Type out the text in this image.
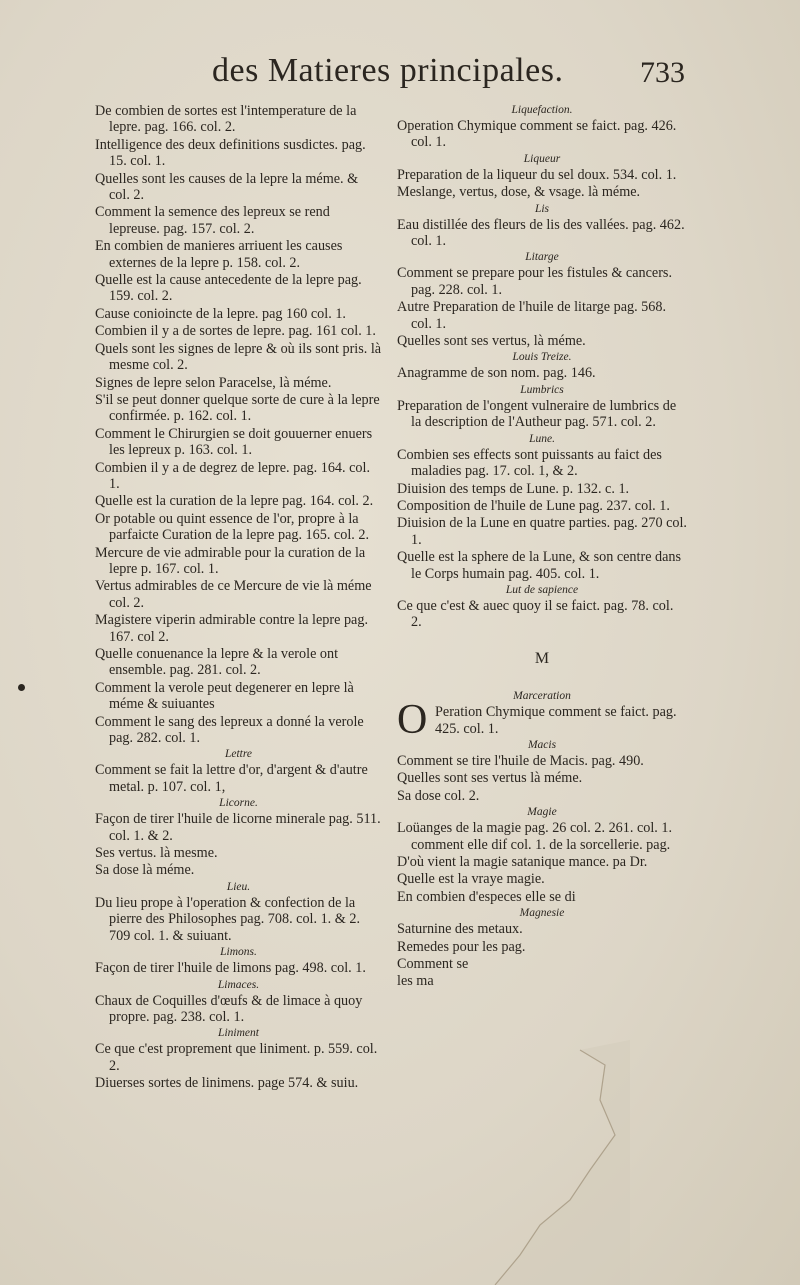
des Matieres principales.	733
De combien de sortes est l'intemperature de la lepre. pag. 166. col. 2.
Intelligence des deux definitions susdictes. pag. 15. col. 1.
Quelles sont les causes de la lepre la méme. & col. 2.
Comment la semence des lepreux se rend lepreuse. pag. 157. col. 2.
En combien de manieres arriuent les causes externes de la lepre p. 158. col. 2.
Quelle est la cause antecedente de la lepre pag. 159. col. 2.
Cause conioincte de la lepre. pag 160 col. 1.
Combien il y a de sortes de lepre. pag. 161 col. 1.
Quels sont les signes de lepre & où ils sont pris. là mesme col. 2.
Signes de lepre selon Paracelse, là méme.
S'il se peut donner quelque sorte de cure à la lepre confirmée. p. 162. col. 1.
Comment le Chirurgien se doit gouuerner enuers les lepreux p. 163. col. 1.
Combien il y a de degrez de lepre. pag. 164. col. 1.
Quelle est la curation de la lepre pag. 164. col. 2.
Or potable ou quint essence de l'or, propre à la parfaicte Curation de la lepre pag. 165. col. 2.
Mercure de vie admirable pour la curation de la lepre p. 167. col. 1.
Vertus admirables de ce Mercure de vie là méme col. 2.
Magistere viperin admirable contre la lepre pag. 167. col 2.
Quelle conuenance la lepre & la verole ont ensemble. pag. 281. col. 2.
Comment la verole peut degenerer en lepre là méme & suiuantes
Comment le sang des lepreux a donné la verole pag. 282. col. 1.
Lettre
Comment se fait la lettre d'or, d'argent & d'autre metal. p. 107. col. 1,
Licorne.
Façon de tirer l'huile de licorne minerale pag. 511. col. 1. & 2.
Ses vertus. là mesme.
Sa dose là méme.
Lieu.
Du lieu prope à l'operation & confection de la pierre des Philosophes pag. 708. col. 1. & 2. 709 col. 1. & suiuant.
Limons.
Façon de tirer l'huile de limons pag. 498. col. 1.
Limaces.
Chaux de Coquilles d'œufs & de limace à quoy propre. pag. 238. col. 1.
Liniment
Ce que c'est proprement que liniment. p. 559. col. 2.
Diuerses sortes de linimens. page 574. & suiu.
Liquefaction.
Operation Chymique comment se faict. pag. 426. col. 1.
Liqueur
Preparation de la liqueur du sel doux. 534. col. 1.
Meslange, vertus, dose, & vsage. là méme.
Lis
Eau distillée des fleurs de lis des vallées. pag. 462. col. 1.
Litarge
Comment se prepare pour les fistules & cancers. pag. 228. col. 1.
Autre Preparation de l'huile de litarge pag. 568. col. 1.
Quelles sont ses vertus, là méme.
Louis Treize.
Anagramme de son nom. pag. 146.
Lumbrics
Preparation de l'ongent vulneraire de lumbrics de la description de l'Autheur pag. 571. col. 2.
Lune.
Combien ses effects sont puissants au faict des maladies pag. 17. col. 1, & 2.
Diuision des temps de Lune. p. 132. c. 1.
Composition de l'huile de Lune pag. 237. col. 1.
Diuision de la Lune en quatre parties. pag. 270 col. 1.
Quelle est la sphere de la Lune, & son centre dans le Corps humain pag. 405. col. 1.
Lut de sapience
Ce que c'est & auec quoy il se faict. pag. 78. col. 2.
M
Marceration
O Peration Chymique comment se faict. pag. 425. col. 1.
Macis
Comment se tire l'huile de Macis. pag. 490.
Quelles sont ses vertus là méme.
Sa dose col. 2.
Magie
Loüanges de la magie pag. 26 col. 2. 261. col. 1. comment elle dif col. 1. de la sorcellerie. pag.
D'où vient la magie satanique mance. pa Dr.
Quelle est la vraye magie.
En combien d'especes elle se di
Magnesie
Saturnine des metaux.
Remedes pour les pag.
Comment se
les ma
